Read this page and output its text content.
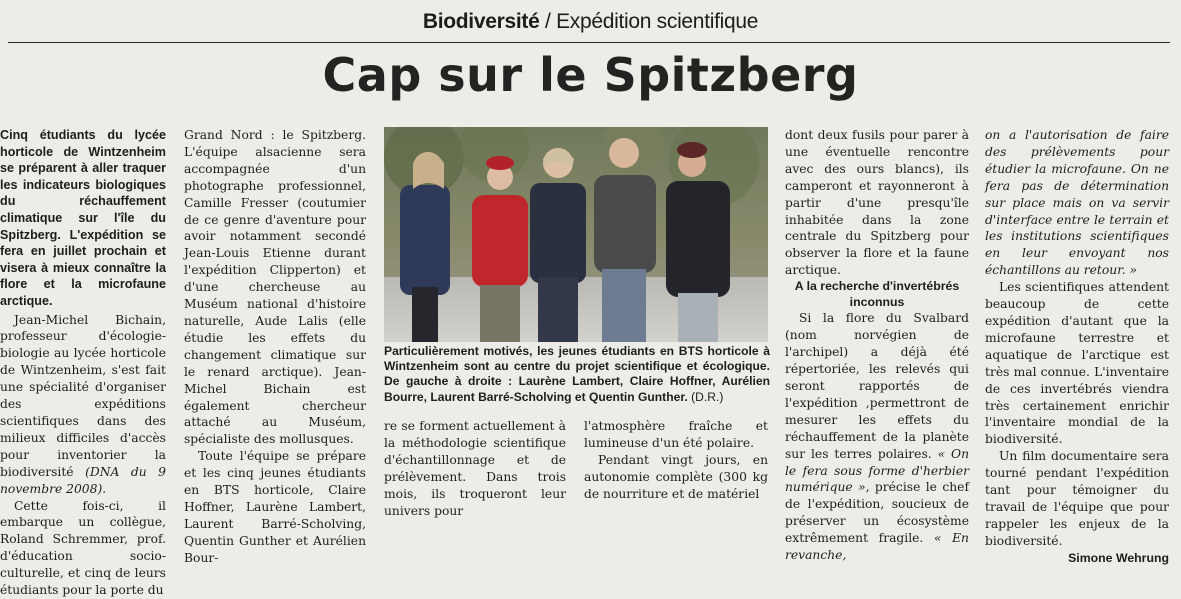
Biodiversité / Expédition scientifique
Cap sur le Spitzberg

Cinq étudiants du lycée horticole de Wintzenheim se préparent à aller traquer les indicateurs biologiques du réchauffement climatique sur l'île du Spitzberg. L'expédition se fera en juillet prochain et visera à mieux connaître la flore et la microfaune arctique.

Jean-Michel Bichain, professeur d'écologie-biologie au lycée horticole de Wintzenheim, s'est fait une spécialité d'organiser des expéditions scientifiques dans des milieux difficiles d'accès pour inventorier la biodiversité (DNA du 9 novembre 2008).

Cette fois-ci, il embarque un collègue, Roland Schremmer, prof. d'éducation socio-culturelle, et cinq de leurs étudiants pour la porte du

Grand Nord : le Spitzberg. L'équipe alsacienne sera accompagnée d'un photographe professionnel, Camille Fresser (coutumier de ce genre d'aventure pour avoir notamment secondé Jean-Louis Etienne durant l'expédition Clipperton) et d'une chercheuse au Muséum national d'histoire naturelle, Aude Lalis (elle étudie les effets du changement climatique sur le renard arctique). Jean-Michel Bichain est également chercheur attaché au Muséum, spécialiste des mollusques.

Toute l'équipe se prépare et les cinq jeunes étudiants en BTS horticole, Claire Hoffner, Laurène Lambert, Laurent Barré-Scholving, Quentin Gunther et Aurélien Bour-

Particulièrement motivés, les jeunes étudiants en BTS horticole à Wintzenheim sont au centre du projet scientifique et écologique. De gauche à droite : Laurène Lambert, Claire Hoffner, Aurélien Bourre, Laurent Barré-Scholving et Quentin Gunther. (D.R.)

re se forment actuellement à la méthodologie scientifique d'échantillonnage et de prélèvement. Dans trois mois, ils troqueront leur univers pour

l'atmosphère fraîche et lumineuse d'un été polaire.

Pendant vingt jours, en autonomie complète (300 kg de nourriture et de matériel

dont deux fusils pour parer à une éventuelle rencontre avec des ours blancs), ils camperont et rayonneront à partir d'une presqu'île inhabitée dans la zone centrale du Spitzberg pour observer la flore et la faune arctique.

A la recherche d'invertébrés inconnus

Si la flore du Svalbard (nom norvégien de l'archipel) a déjà été répertoriée, les relevés qui seront rapportés de l'expédition ,permettront de mesurer les effets du réchauffement de la planète sur les terres polaires. « On le fera sous forme d'herbier numérique », précise le chef de l'expédition, soucieux de préserver un écosystème extrêmement fragile. « En revanche,

on a l'autorisation de faire des prélèvements pour étudier la microfaune. On ne fera pas de détermination sur place mais on va servir d'interface entre le terrain et les institutions scientifiques en leur envoyant nos échantillons au retour. »

Les scientifiques attendent beaucoup de cette expédition d'autant que la microfaune terrestre et aquatique de l'arctique est très mal connue. L'inventaire de ces invertébrés viendra très certainement enrichir l'inventaire mondial de la biodiversité.

Un film documentaire sera tourné pendant l'expédition tant pour témoigner du travail de l'équipe que pour rappeler les enjeux de la biodiversité.
Simone Wehrung
